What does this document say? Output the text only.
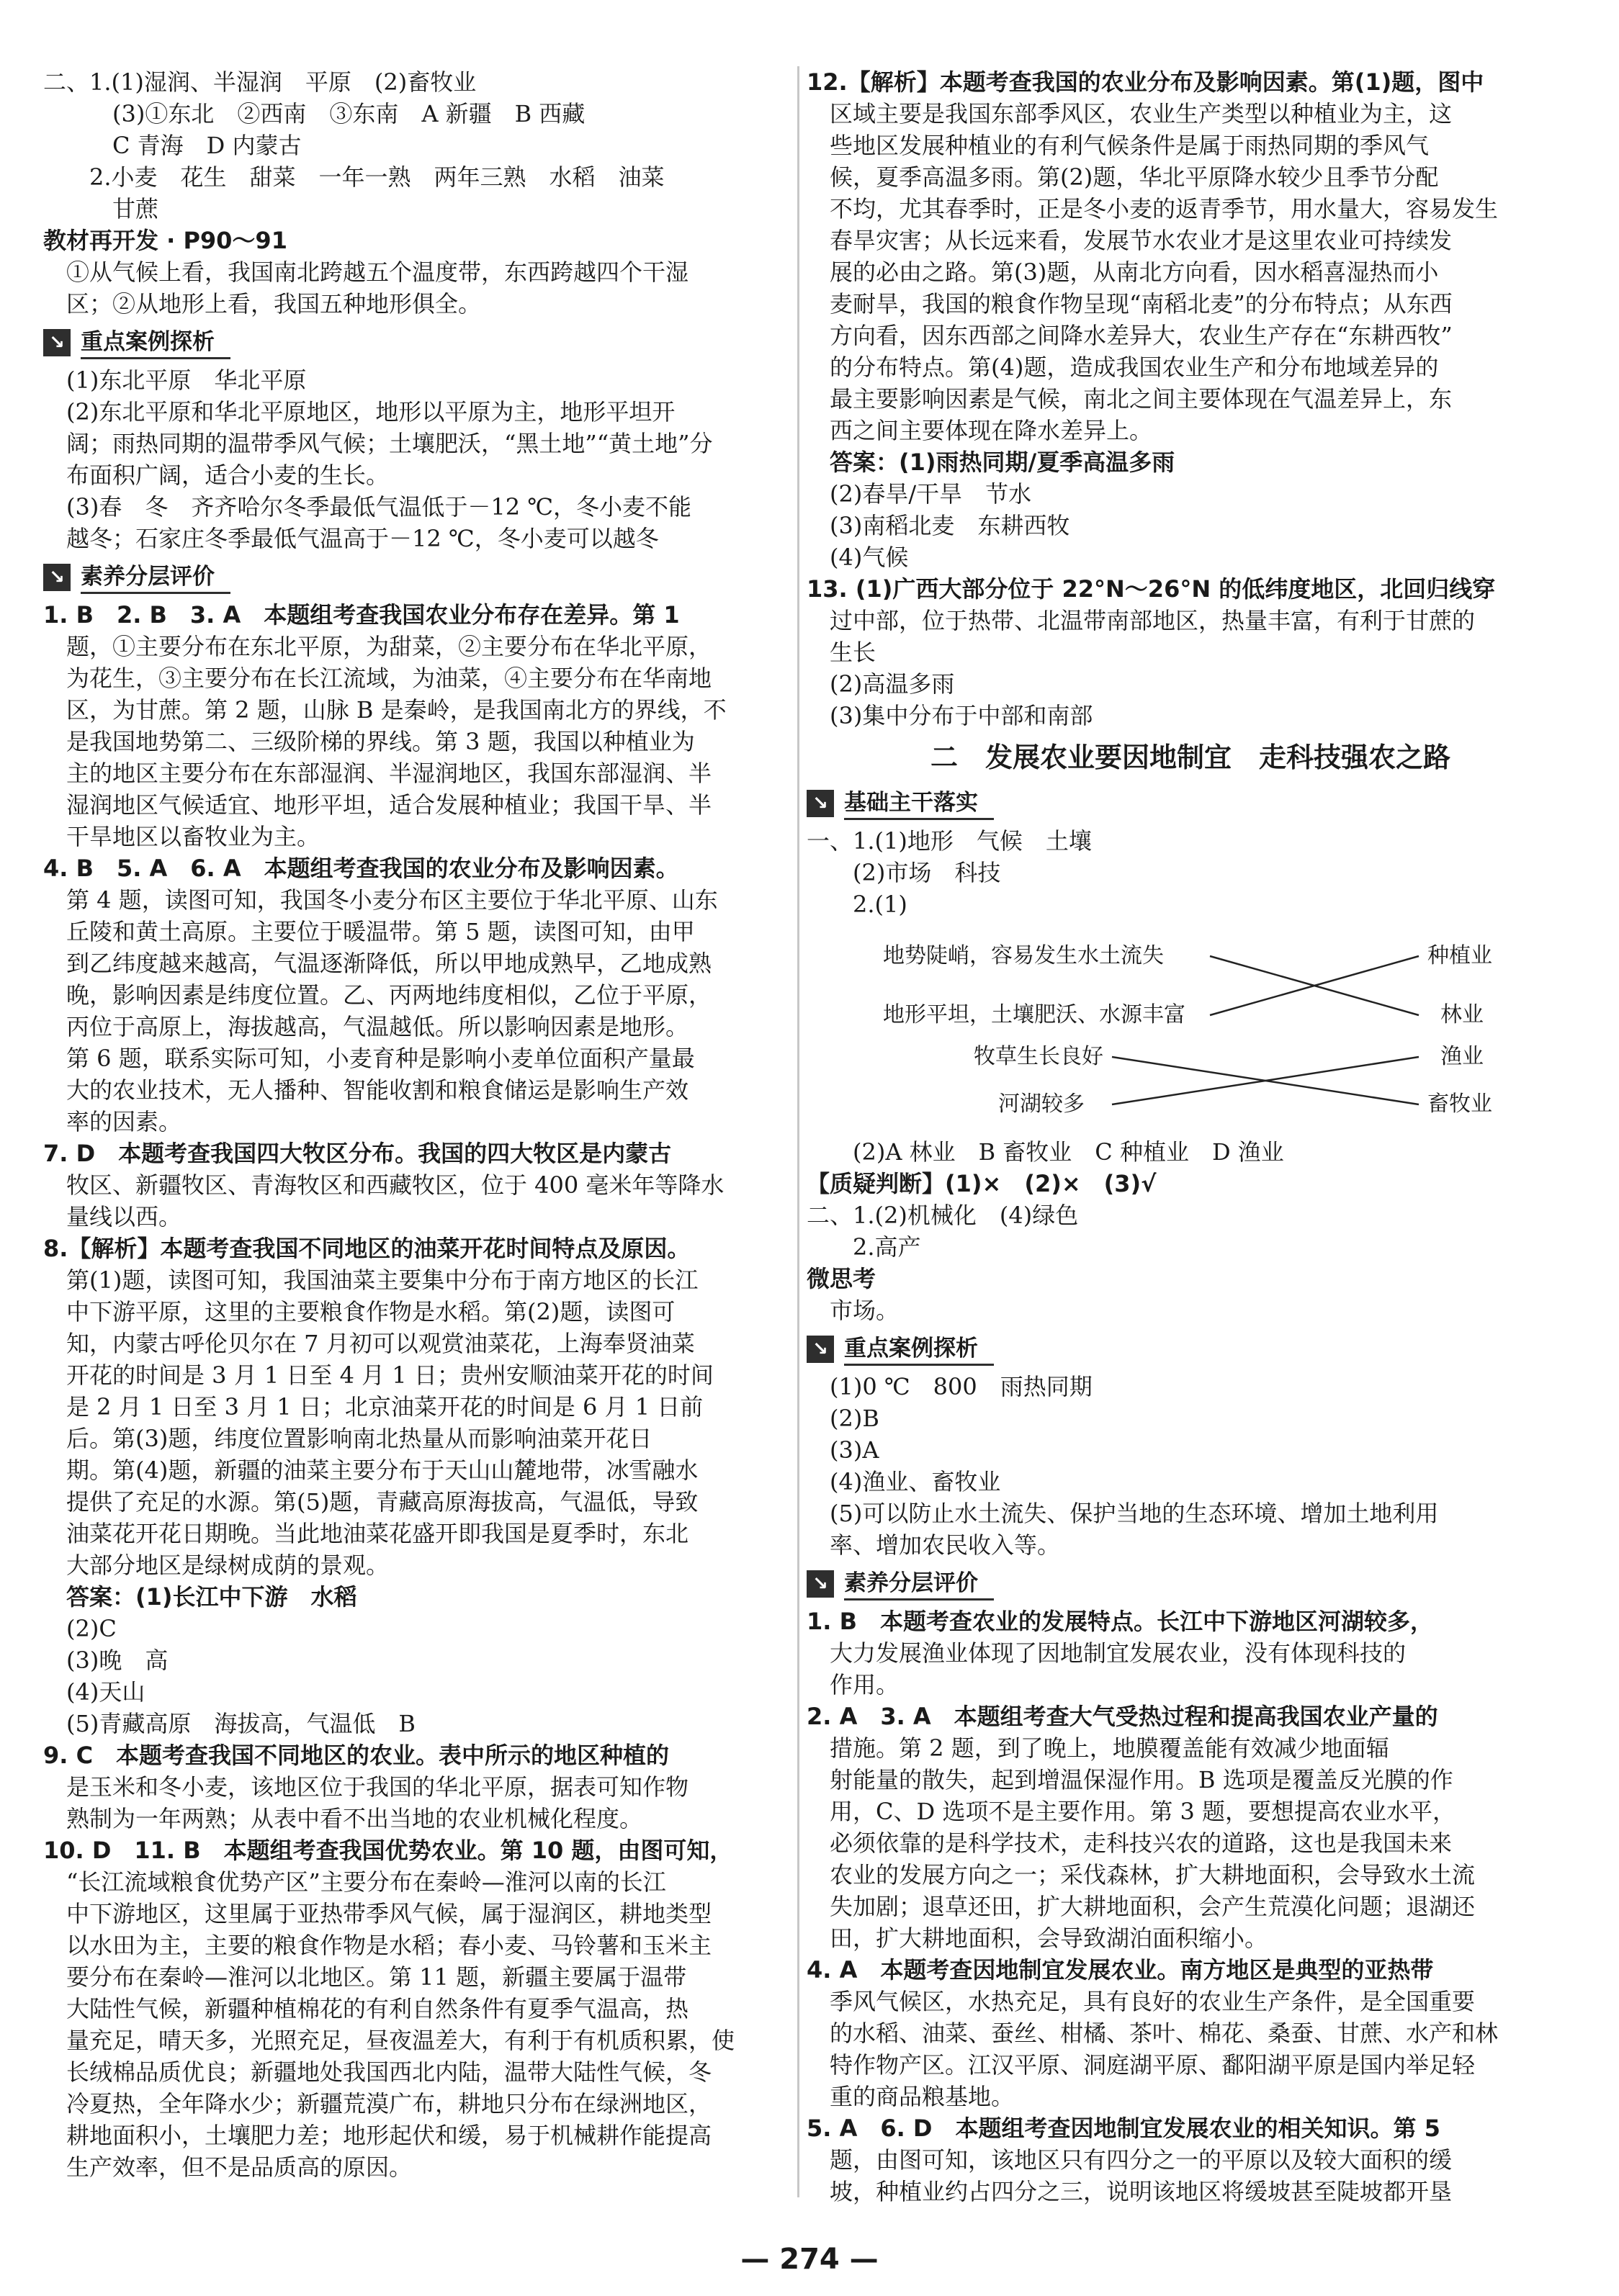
二、1.(1)湿润、半湿润　平原　(2)畜牧业
(3)①东北　②西南　③东南　A 新疆　B 西藏
C 青海　D 内蒙古
2.小麦　花生　甜菜　一年一熟　两年三熟　水稻　油菜
甘蔗
教材再开发 · P90～91
①从气候上看，我国南北跨越五个温度带，东西跨越四个干湿
区；②从地形上看，我国五种地形俱全。
↘ 重点案例探析
(1)东北平原　华北平原
(2)东北平原和华北平原地区，地形以平原为主，地形平坦开
阔；雨热同期的温带季风气候；土壤肥沃，“黑土地”“黄土地”分
布面积广阔，适合小麦的生长。
(3)春　冬　齐齐哈尔冬季最低气温低于－12 ℃，冬小麦不能
越冬；石家庄冬季最低气温高于－12 ℃，冬小麦可以越冬
↘ 素养分层评价
1. B　2. B　3. A　本题组考查我国农业分布存在差异。第 1
题，①主要分布在东北平原，为甜菜，②主要分布在华北平原，
为花生，③主要分布在长江流域，为油菜，④主要分布在华南地
区，为甘蔗。第 2 题，山脉 B 是秦岭，是我国南北方的界线，不
是我国地势第二、三级阶梯的界线。第 3 题，我国以种植业为
主的地区主要分布在东部湿润、半湿润地区，我国东部湿润、半
湿润地区气候适宜、地形平坦，适合发展种植业；我国干旱、半
干旱地区以畜牧业为主。
4. B　5. A　6. A　本题组考查我国的农业分布及影响因素。
第 4 题，读图可知，我国冬小麦分布区主要位于华北平原、山东
丘陵和黄土高原。主要位于暖温带。第 5 题，读图可知，由甲
到乙纬度越来越高，气温逐渐降低，所以甲地成熟早，乙地成熟
晚，影响因素是纬度位置。乙、丙两地纬度相似，乙位于平原，
丙位于高原上，海拔越高，气温越低。所以影响因素是地形。
第 6 题，联系实际可知，小麦育种是影响小麦单位面积产量最
大的农业技术，无人播种、智能收割和粮食储运是影响生产效
率的因素。
7. D　本题考查我国四大牧区分布。我国的四大牧区是内蒙古
牧区、新疆牧区、青海牧区和西藏牧区，位于 400 毫米年等降水
量线以西。
8.【解析】本题考查我国不同地区的油菜开花时间特点及原因。
第(1)题，读图可知，我国油菜主要集中分布于南方地区的长江
中下游平原，这里的主要粮食作物是水稻。第(2)题，读图可
知，内蒙古呼伦贝尔在 7 月初可以观赏油菜花，上海奉贤油菜
开花的时间是 3 月 1 日至 4 月 1 日；贵州安顺油菜开花的时间
是 2 月 1 日至 3 月 1 日；北京油菜开花的时间是 6 月 1 日前
后。第(3)题，纬度位置影响南北热量从而影响油菜开花日
期。第(4)题，新疆的油菜主要分布于天山山麓地带，冰雪融水
提供了充足的水源。第(5)题，青藏高原海拔高，气温低，导致
油菜花开花日期晚。当此地油菜花盛开即我国是夏季时，东北
大部分地区是绿树成荫的景观。
答案：(1)长江中下游　水稻
(2)C
(3)晚　高
(4)天山
(5)青藏高原　海拔高，气温低　B
9. C　本题考查我国不同地区的农业。表中所示的地区种植的
是玉米和冬小麦，该地区位于我国的华北平原，据表可知作物
熟制为一年两熟；从表中看不出当地的农业机械化程度。
10. D　11. B　本题组考查我国优势农业。第 10 题，由图可知，
“长江流域粮食优势产区”主要分布在秦岭—淮河以南的长江
中下游地区，这里属于亚热带季风气候，属于湿润区，耕地类型
以水田为主，主要的粮食作物是水稻；春小麦、马铃薯和玉米主
要分布在秦岭—淮河以北地区。第 11 题，新疆主要属于温带
大陆性气候，新疆种植棉花的有利自然条件有夏季气温高，热
量充足，晴天多，光照充足，昼夜温差大，有利于有机质积累，使
长绒棉品质优良；新疆地处我国西北内陆，温带大陆性气候，冬
冷夏热，全年降水少；新疆荒漠广布，耕地只分布在绿洲地区，
耕地面积小，土壤肥力差；地形起伏和缓，易于机械耕作能提高
生产效率，但不是品质高的原因。
12.【解析】本题考查我国的农业分布及影响因素。第(1)题，图中
区域主要是我国东部季风区，农业生产类型以种植业为主，这
些地区发展种植业的有利气候条件是属于雨热同期的季风气
候，夏季高温多雨。第(2)题，华北平原降水较少且季节分配
不均，尤其春季时，正是冬小麦的返青季节，用水量大，容易发生
春旱灾害；从长远来看，发展节水农业才是这里农业可持续发
展的必由之路。第(3)题，从南北方向看，因水稻喜湿热而小
麦耐旱，我国的粮食作物呈现“南稻北麦”的分布特点；从东西
方向看，因东西部之间降水差异大，农业生产存在“东耕西牧”
的分布特点。第(4)题，造成我国农业生产和分布地域差异的
最主要影响因素是气候，南北之间主要体现在气温差异上，东
西之间主要体现在降水差异上。
答案：(1)雨热同期/夏季高温多雨
(2)春旱/干旱　节水
(3)南稻北麦　东耕西牧
(4)气候
13. (1)广西大部分位于 22°N～26°N 的低纬度地区，北回归线穿
过中部，位于热带、北温带南部地区，热量丰富，有利于甘蔗的
生长
(2)高温多雨
(3)集中分布于中部和南部
二　发展农业要因地制宜　走科技强农之路
↘ 基础主干落实
一、1.(1)地形　气候　土壤
(2)市场　科技
2.(1)
地势陡峭，容易发生水土流失
地形平坦，土壤肥沃、水源丰富
牧草生长良好
河湖较多
种植业
林业
渔业
畜牧业
(2)A 林业　B 畜牧业　C 种植业　D 渔业
【质疑判断】(1)×　(2)×　(3)√
二、1.(2)机械化　(4)绿色
2.高产
微思考
市场。
↘ 重点案例探析
(1)0 ℃　800　雨热同期
(2)B
(3)A
(4)渔业、畜牧业
(5)可以防止水土流失、保护当地的生态环境、增加土地利用
率、增加农民收入等。
↘ 素养分层评价
1. B　本题考查农业的发展特点。长江中下游地区河湖较多，
大力发展渔业体现了因地制宜发展农业，没有体现科技的
作用。
2. A　3. A　本题组考查大气受热过程和提高我国农业产量的
措施。第 2 题，到了晚上，地膜覆盖能有效减少地面辐
射能量的散失，起到增温保湿作用。B 选项是覆盖反光膜的作
用，C、D 选项不是主要作用。第 3 题，要想提高农业水平，
必须依靠的是科学技术，走科技兴农的道路，这也是我国未来
农业的发展方向之一；采伐森林，扩大耕地面积，会导致水土流
失加剧；退草还田，扩大耕地面积，会产生荒漠化问题；退湖还
田，扩大耕地面积，会导致湖泊面积缩小。
4. A　本题考查因地制宜发展农业。南方地区是典型的亚热带
季风气候区，水热充足，具有良好的农业生产条件，是全国重要
的水稻、油菜、蚕丝、柑橘、茶叶、棉花、桑蚕、甘蔗、水产和林
特作物产区。江汉平原、洞庭湖平原、鄱阳湖平原是国内举足轻
重的商品粮基地。
5. A　6. D　本题组考查因地制宜发展农业的相关知识。第 5
题，由图可知，该地区只有四分之一的平原以及较大面积的缓
坡，种植业约占四分之三，说明该地区将缓坡甚至陡坡都开垦
— 274 —
